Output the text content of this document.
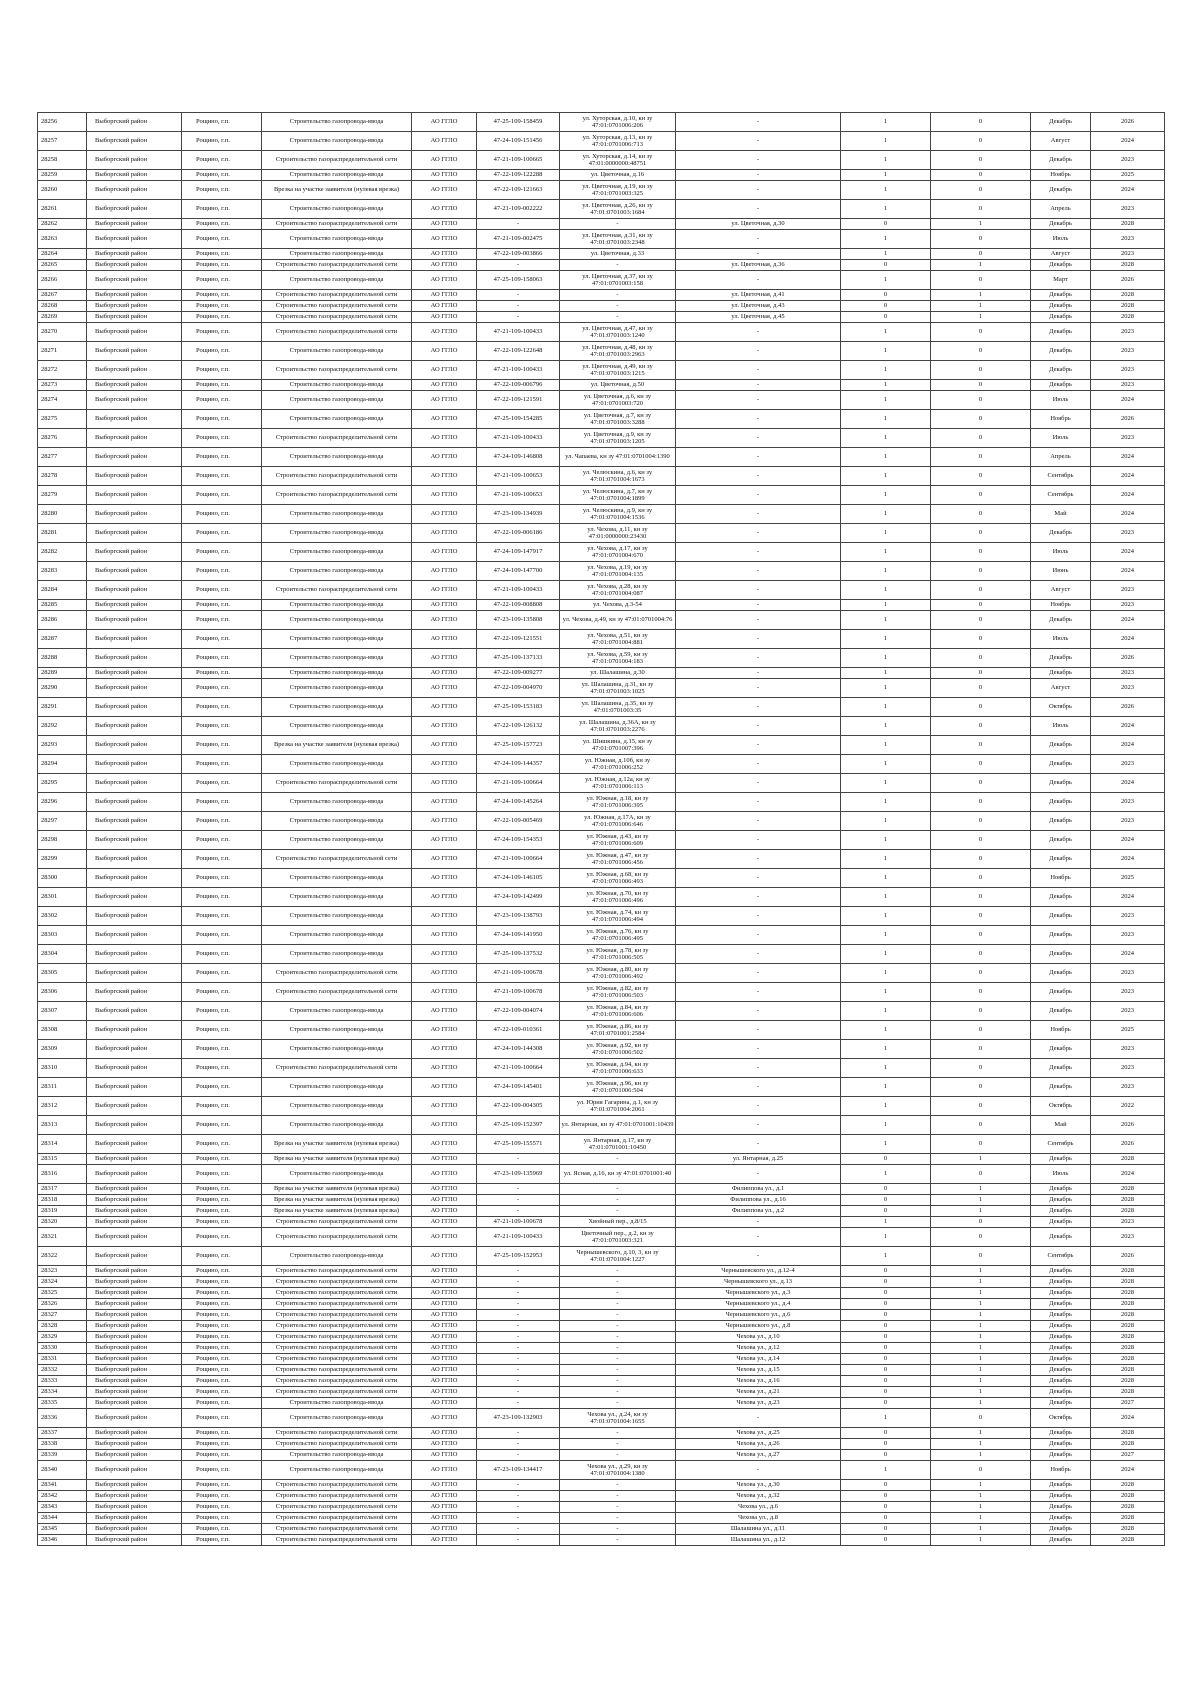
28256	Выборгский район	Рощино, г.п.	Строительство газопровода-ввода	АО ГГЛО	47-25-109-158459	ул. Хуторская, д.10, кн зу 47:01:0701006:206	-	1	0	Декабрь	2026
28257	Выборгский район	Рощино, г.п.	Строительство газопровода-ввода	АО ГГЛО	47-24-109-151456	ул. Хуторская, д.13, кн зу 47:01:0701006:713	-	1	0	Август	2024
28258	Выборгский район	Рощино, г.п.	Строительство газораспределительной сети	АО ГГЛО	47-21-109-100665	ул. Хуторская, д.14, кн зу 47:01:0000000:48751	-	1	0	Декабрь	2023
28259	Выборгский район	Рощино, г.п.	Строительство газопровода-ввода	АО ГГЛО	47-22-109-122288	ул. Цветочная, д.16	-	1	0	Ноябрь	2025
28260	Выборгский район	Рощино, г.п.	Врезка на участке заявителя (нулевая врезка)	АО ГГЛО	47-22-109-121663	ул. Цветочная, д.19, кн зу 47:01:0701003:325	-	1	0	Декабрь	2024
28261	Выборгский район	Рощино, г.п.	Строительство газопровода-ввода	АО ГГЛО	47-21-109-002222	ул. Цветочная, д.26, кн зу 47:01:0701003:1684	-	1	0	Апрель	2023
28262	Выборгский район	Рощино, г.п.	Строительство газораспределительной сети	АО ГГЛО	-	-	ул. Цветочная, д.30	0	1	Декабрь	2028
28263	Выборгский район	Рощино, г.п.	Строительство газопровода-ввода	АО ГГЛО	47-21-109-002475	ул. Цветочная, д.31, кн зу 47:01:0701003:2348	-	1	0	Июль	2023
28264	Выборгский район	Рощино, г.п.	Строительство газопровода-ввода	АО ГГЛО	47-22-109-003866	ул. Цветочная, д.33	-	1	0	Август	2023
28265	Выборгский район	Рощино, г.п.	Строительство газораспределительной сети	АО ГГЛО	-	-	ул. Цветочная, д.36	0	1	Декабрь	2028
28266	Выборгский район	Рощино, г.п.	Строительство газопровода-ввода	АО ГГЛО	47-25-109-158063	ул. Цветочная, д.37, кн зу 47:01:0701003:158	-	1	0	Март	2026
28267	Выборгский район	Рощино, г.п.	Строительство газораспределительной сети	АО ГГЛО	-	-	ул. Цветочная, д.41	0	1	Декабрь	2028
28268	Выборгский район	Рощино, г.п.	Строительство газораспределительной сети	АО ГГЛО	-	-	ул. Цветочная, д.43	0	1	Декабрь	2028
28269	Выборгский район	Рощино, г.п.	Строительство газораспределительной сети	АО ГГЛО	-	-	ул. Цветочная, д.45	0	1	Декабрь	2028
28270	Выборгский район	Рощино, г.п.	Строительство газораспределительной сети	АО ГГЛО	47-21-109-100433	ул. Цветочная, д.47, кн зу 47:01:0701003:1240	-	1	0	Декабрь	2023
28271	Выборгский район	Рощино, г.п.	Строительство газопровода-ввода	АО ГГЛО	47-22-109-122648	ул. Цветочная, д.48, кн зу 47:01:0701003:2963	-	1	0	Декабрь	2023
28272	Выборгский район	Рощино, г.п.	Строительство газораспределительной сети	АО ГГЛО	47-21-109-100433	ул. Цветочная, д.49, кн зу 47:01:0701003:1215	-	1	0	Декабрь	2023
28273	Выборгский район	Рощино, г.п.	Строительство газопровода-ввода	АО ГГЛО	47-22-109-006796	ул. Цветочная, д.50	-	1	0	Декабрь	2023
28274	Выборгский район	Рощино, г.п.	Строительство газопровода-ввода	АО ГГЛО	47-22-109-121591	ул. Цветочная, д.6, кн зу 47:01:0701003:720	-	1	0	Июль	2024
28275	Выборгский район	Рощино, г.п.	Строительство газопровода-ввода	АО ГГЛО	47-25-109-154285	ул. Цветочная, д.7, кн зу 47:01:0701003:3288	-	1	0	Ноябрь	2026
28276	Выборгский район	Рощино, г.п.	Строительство газораспределительной сети	АО ГГЛО	47-21-109-100433	ул. Цветочная, д.9, кн зу 47:01:0701003:1205	-	1	0	Июль	2023
28277	Выборгский район	Рощино, г.п.	Строительство газопровода-ввода	АО ГГЛО	47-24-109-146808	ул. Чапаева, кн зу 47:01:0701004:1390	-	1	0	Апрель	2024
28278	Выборгский район	Рощино, г.п.	Строительство газораспределительной сети	АО ГГЛО	47-21-109-100653	ул. Челюскина, д.6, кн зу 47:01:0701004:1673	-	1	0	Сентябрь	2024
28279	Выборгский район	Рощино, г.п.	Строительство газораспределительной сети	АО ГГЛО	47-21-109-100653	ул. Челюскина, д.7, кн зу 47:01:0701004:1899	-	1	0	Сентябрь	2024
28280	Выборгский район	Рощино, г.п.	Строительство газопровода-ввода	АО ГГЛО	47-23-109-134939	ул. Челюскина, д.9, кн зу 47:01:0701004:1536	-	1	0	Май	2024
28281	Выборгский район	Рощино, г.п.	Строительство газопровода-ввода	АО ГГЛО	47-22-109-006186	ул. Чехова, д.11, кн зу 47:01:0000000:23430	-	1	0	Декабрь	2023
28282	Выборгский район	Рощино, г.п.	Строительство газопровода-ввода	АО ГГЛО	47-24-109-147917	ул. Чехова, д.17, кн зу 47:01:0701004:670	-	1	0	Июль	2024
28283	Выборгский район	Рощино, г.п.	Строительство газопровода-ввода	АО ГГЛО	47-24-109-147700	ул. Чехова, д.19, кн зу 47:01:0701004:135	-	1	0	Июнь	2024
28284	Выборгский район	Рощино, г.п.	Строительство газораспределительной сети	АО ГГЛО	47-21-109-100433	ул. Чехова, д.28, кн зу 47:01:0701004:087	-	1	0	Август	2023
28285	Выборгский район	Рощино, г.п.	Строительство газопровода-ввода	АО ГГЛО	47-22-109-008808	ул. Чехова, д.3-54	-	1	0	Ноябрь	2023
28286	Выборгский район	Рощино, г.п.	Строительство газопровода-ввода	АО ГГЛО	47-23-109-135808	ул. Чехова, д.49, кн зу 47:01:0701004:76	-	1	0	Декабрь	2024
28287	Выборгский район	Рощино, г.п.	Строительство газопровода-ввода	АО ГГЛО	47-22-109-121551	ул. Чехова, д.51, кн зу 47:01:0701004:881	-	1	0	Июль	2024
28288	Выборгский район	Рощино, г.п.	Строительство газопровода-ввода	АО ГГЛО	47-25-109-137133	ул. Чехова, д.59, кн зу 47:01:0701004:183	-	1	0	Декабрь	2026
28289	Выборгский район	Рощино, г.п.	Строительство газопровода-ввода	АО ГГЛО	47-22-109-009277	ул. Шалашина, д.30	-	1	0	Декабрь	2023
28290	Выборгский район	Рощино, г.п.	Строительство газопровода-ввода	АО ГГЛО	47-22-109-004970	ул. Шалашина, д.31, кн зу 47:01:0701003:1025	-	1	0	Август	2023
28291	Выборгский район	Рощино, г.п.	Строительство газопровода-ввода	АО ГГЛО	47-25-109-153183	ул. Шалашина, д.35, кн зу 47:01:0701003:35	-	1	0	Октябрь	2026
28292	Выборгский район	Рощино, г.п.	Строительство газопровода-ввода	АО ГГЛО	47-22-109-126132	ул. Шалашина, д.36А, кн зу 47:01:0701003:2276	-	1	0	Июль	2024
28293	Выборгский район	Рощино, г.п.	Врезка на участке заявителя (нулевая врезка)	АО ГГЛО	47-25-109-157723	ул. Шишкина, д.15, кн зу 47:01:0701007:396	-	1	0	Декабрь	2024
28294	Выборгский район	Рощино, г.п.	Строительство газопровода-ввода	АО ГГЛО	47-24-109-144357	ул. Южная, д.10б, кн зу 47:01:0701006:252	-	1	0	Декабрь	2023
28295	Выборгский район	Рощино, г.п.	Строительство газораспределительной сети	АО ГГЛО	47-21-109-100664	ул. Южная, д.12а, кн зу 47:01:0701006:113	-	1	0	Декабрь	2024
28296	Выборгский район	Рощино, г.п.	Строительство газопровода-ввода	АО ГГЛО	47-24-109-145264	ул. Южная, д.18, кн зу 47:01:0701006:395	-	1	0	Декабрь	2023
28297	Выборгский район	Рощино, г.п.	Строительство газопровода-ввода	АО ГГЛО	47-22-109-005469	ул. Южная, д.17А, кн зу 47:01:0701006:646	-	1	0	Декабрь	2023
28298	Выборгский район	Рощино, г.п.	Строительство газопровода-ввода	АО ГГЛО	47-24-109-154353	ул. Южная, д.43, кн зу 47:01:0701006:609	-	1	0	Декабрь	2024
28299	Выборгский район	Рощино, г.п.	Строительство газораспределительной сети	АО ГГЛО	47-21-109-100664	ул. Южная, д.47, кн зу 47:01:0701006:456	-	1	0	Декабрь	2024
28300	Выборгский район	Рощино, г.п.	Строительство газопровода-ввода	АО ГГЛО	47-24-109-146105	ул. Южная, д.68, кн зу 47:01:0701006:493	-	1	0	Ноябрь	2025
28301	Выборгский район	Рощино, г.п.	Строительство газопровода-ввода	АО ГГЛО	47-24-109-142499	ул. Южная, д.70, кн зу 47:01:0701006:496	-	1	0	Декабрь	2024
28302	Выборгский район	Рощино, г.п.	Строительство газопровода-ввода	АО ГГЛО	47-23-109-138793	ул. Южная, д.74, кн зу 47:01:0701006:494	-	1	0	Декабрь	2023
28303	Выборгский район	Рощино, г.п.	Строительство газопровода-ввода	АО ГГЛО	47-24-109-141950	ул. Южная, д.76, кн зу 47:01:0701006:495	-	1	0	Декабрь	2023
28304	Выборгский район	Рощино, г.п.	Строительство газопровода-ввода	АО ГГЛО	47-25-109-137532	ул. Южная, д.78, кн зу 47:01:0701006:505	-	1	0	Декабрь	2024
28305	Выборгский район	Рощино, г.п.	Строительство газораспределительной сети	АО ГГЛО	47-21-109-100678	ул. Южная, д.80, кн зу 47:01:0701006:492	-	1	0	Декабрь	2023
28306	Выборгский район	Рощино, г.п.	Строительство газораспределительной сети	АО ГГЛО	47-21-109-100678	ул. Южная, д.82, кн зу 47:01:0701006:503	-	1	0	Декабрь	2023
28307	Выборгский район	Рощино, г.п.	Строительство газопровода-ввода	АО ГГЛО	47-22-109-004074	ул. Южная, д.84, кн зу 47:01:0701006:606	-	1	0	Декабрь	2023
28308	Выборгский район	Рощино, г.п.	Строительство газопровода-ввода	АО ГГЛО	47-22-109-010361	ул. Южная, д.86, кн зу 47:01:0701001:2584	-	1	0	Ноябрь	2025
28309	Выборгский район	Рощино, г.п.	Строительство газопровода-ввода	АО ГГЛО	47-24-109-144308	ул. Южная, д.92, кн зу 47:01:0701006:502	-	1	0	Декабрь	2023
28310	Выборгский район	Рощино, г.п.	Строительство газораспределительной сети	АО ГГЛО	47-21-109-100664	ул. Южная, д.94, кн зу 47:01:0701006:633	-	1	0	Декабрь	2023
28311	Выборгский район	Рощино, г.п.	Строительство газопровода-ввода	АО ГГЛО	47-24-109-145401	ул. Южная, д.96, кн зу 47:01:0701006:504	-	1	0	Декабрь	2023
28312	Выборгский район	Рощино, г.п.	Строительство газопровода-ввода	АО ГГЛО	47-22-109-004305	ул. Юрия Гагарина, д.1, кн зу 47:01:0701004:2061	-	1	0	Октябрь	2022
28313	Выборгский район	Рощино, г.п.	Строительство газопровода-ввода	АО ГГЛО	47-25-109-152397	ул. Янтарная, кн зу 47:01:0701001:10439	-	1	0	Май	2026
28314	Выборгский район	Рощино, г.п.	Врезка на участке заявителя (нулевая врезка)	АО ГГЛО	47-25-109-155571	ул. Янтарная, д.17, кн зу 47:01:0701001:10450	-	1	0	Сентябрь	2026
28315	Выборгский район	Рощино, г.п.	Врезка на участке заявителя (нулевая врезка)	АО ГГЛО	-	-	ул. Янтарная, д.25	0	1	Декабрь	2028
28316	Выборгский район	Рощино, г.п.	Строительство газопровода-ввода	АО ГГЛО	47-23-109-135969	ул. Ясная, д.16, кн зу 47:01:0701001:40	-	1	0	Июль	2024
28317	Выборгский район	Рощино, г.п.	Врезка на участке заявителя (нулевая врезка)	АО ГГЛО	-	-	Филиппова ул., д.1	0	1	Декабрь	2028
28318	Выборгский район	Рощино, г.п.	Врезка на участке заявителя (нулевая врезка)	АО ГГЛО	-	-	Филиппова ул., д.16	0	1	Декабрь	2028
28319	Выборгский район	Рощино, г.п.	Врезка на участке заявителя (нулевая врезка)	АО ГГЛО	-	-	Филиппова ул., д.2	0	1	Декабрь	2028
28320	Выборгский район	Рощино, г.п.	Строительство газораспределительной сети	АО ГГЛО	47-21-109-100678	Хвойный пер., д.8/15	-	1	0	Декабрь	2023
28321	Выборгский район	Рощино, г.п.	Строительство газораспределительной сети	АО ГГЛО	47-21-109-100433	Цветочный пер., д.2, кн зу 47:01:0701003:321	-	1	0	Декабрь	2023
28322	Выборгский район	Рощино, г.п.	Строительство газопровода-ввода	АО ГГЛО	47-25-109-152953	Чернышевского, д.10, 3, кн зу 47:01:0701004:1227	-	1	0	Сентябрь	2026
28323	Выборгский район	Рощино, г.п.	Строительство газораспределительной сети	АО ГГЛО	-	-	Чернышевского ул., д.12-4	0	1	Декабрь	2028
28324	Выборгский район	Рощино, г.п.	Строительство газораспределительной сети	АО ГГЛО	-	-	Чернышевского ул., д.13	0	1	Декабрь	2028
28325	Выборгский район	Рощино, г.п.	Строительство газораспределительной сети	АО ГГЛО	-	-	Чернышевского ул., д.3	0	1	Декабрь	2028
28326	Выборгский район	Рощино, г.п.	Строительство газораспределительной сети	АО ГГЛО	-	-	Чернышевского ул., д.4	0	1	Декабрь	2028
28327	Выборгский район	Рощино, г.п.	Строительство газораспределительной сети	АО ГГЛО	-	-	Чернышевского ул., д.6	0	1	Декабрь	2028
28328	Выборгский район	Рощино, г.п.	Строительство газораспределительной сети	АО ГГЛО	-	-	Чернышевского ул., д.8	0	1	Декабрь	2028
28329	Выборгский район	Рощино, г.п.	Строительство газораспределительной сети	АО ГГЛО	-	-	Чехова ул., д.10	0	1	Декабрь	2028
28330	Выборгский район	Рощино, г.п.	Строительство газораспределительной сети	АО ГГЛО	-	-	Чехова ул., д.12	0	1	Декабрь	2028
28331	Выборгский район	Рощино, г.п.	Строительство газораспределительной сети	АО ГГЛО	-	-	Чехова ул., д.14	0	1	Декабрь	2028
28332	Выборгский район	Рощино, г.п.	Строительство газораспределительной сети	АО ГГЛО	-	-	Чехова ул., д.15	0	1	Декабрь	2028
28333	Выборгский район	Рощино, г.п.	Строительство газораспределительной сети	АО ГГЛО	-	-	Чехова ул., д.16	0	1	Декабрь	2028
28334	Выборгский район	Рощино, г.п.	Строительство газораспределительной сети	АО ГГЛО	-	-	Чехова ул., д.21	0	1	Декабрь	2028
28335	Выборгский район	Рощино, г.п.	Строительство газопровода-ввода	АО ГГЛО	-	-	Чехова ул., д.23	0	1	Декабрь	2027
28336	Выборгский район	Рощино, г.п.	Строительство газопровода-ввода	АО ГГЛО	47-23-109-132903	Чехова ул., д.24, кн зу 47:01:0701004:1655	-	1	0	Октябрь	2024
28337	Выборгский район	Рощино, г.п.	Строительство газораспределительной сети	АО ГГЛО	-	-	Чехова ул., д.25	0	1	Декабрь	2028
28338	Выборгский район	Рощино, г.п.	Строительство газораспределительной сети	АО ГГЛО	-	-	Чехова ул., д.26	0	1	Декабрь	2028
28339	Выборгский район	Рощино, г.п.	Строительство газопровода-ввода	АО ГГЛО	-	-	Чехова ул., д.27	0	1	Декабрь	2027
28340	Выборгский район	Рощино, г.п.	Строительство газопровода-ввода	АО ГГЛО	47-23-109-134417	Чехова ул., д.29, кн зу 47:01:0701004:1380	-	1	0	Ноябрь	2024
28341	Выборгский район	Рощино, г.п.	Строительство газораспределительной сети	АО ГГЛО	-	-	Чехова ул., д.30	0	1	Декабрь	2028
28342	Выборгский район	Рощино, г.п.	Строительство газораспределительной сети	АО ГГЛО	-	-	Чехова ул., д.32	0	1	Декабрь	2028
28343	Выборгский район	Рощино, г.п.	Строительство газораспределительной сети	АО ГГЛО	-	-	Чехова ул., д.6	0	1	Декабрь	2028
28344	Выборгский район	Рощино, г.п.	Строительство газораспределительной сети	АО ГГЛО	-	-	Чехова ул., д.8	0	1	Декабрь	2028
28345	Выборгский район	Рощино, г.п.	Строительство газораспределительной сети	АО ГГЛО	-	-	Шалашина ул., д.11	0	1	Декабрь	2028
28346	Выборгский район	Рощино, г.п.	Строительство газораспределительной сети	АО ГГЛО	-	-	Шалашина ул., д.12	0	1	Декабрь	2028
